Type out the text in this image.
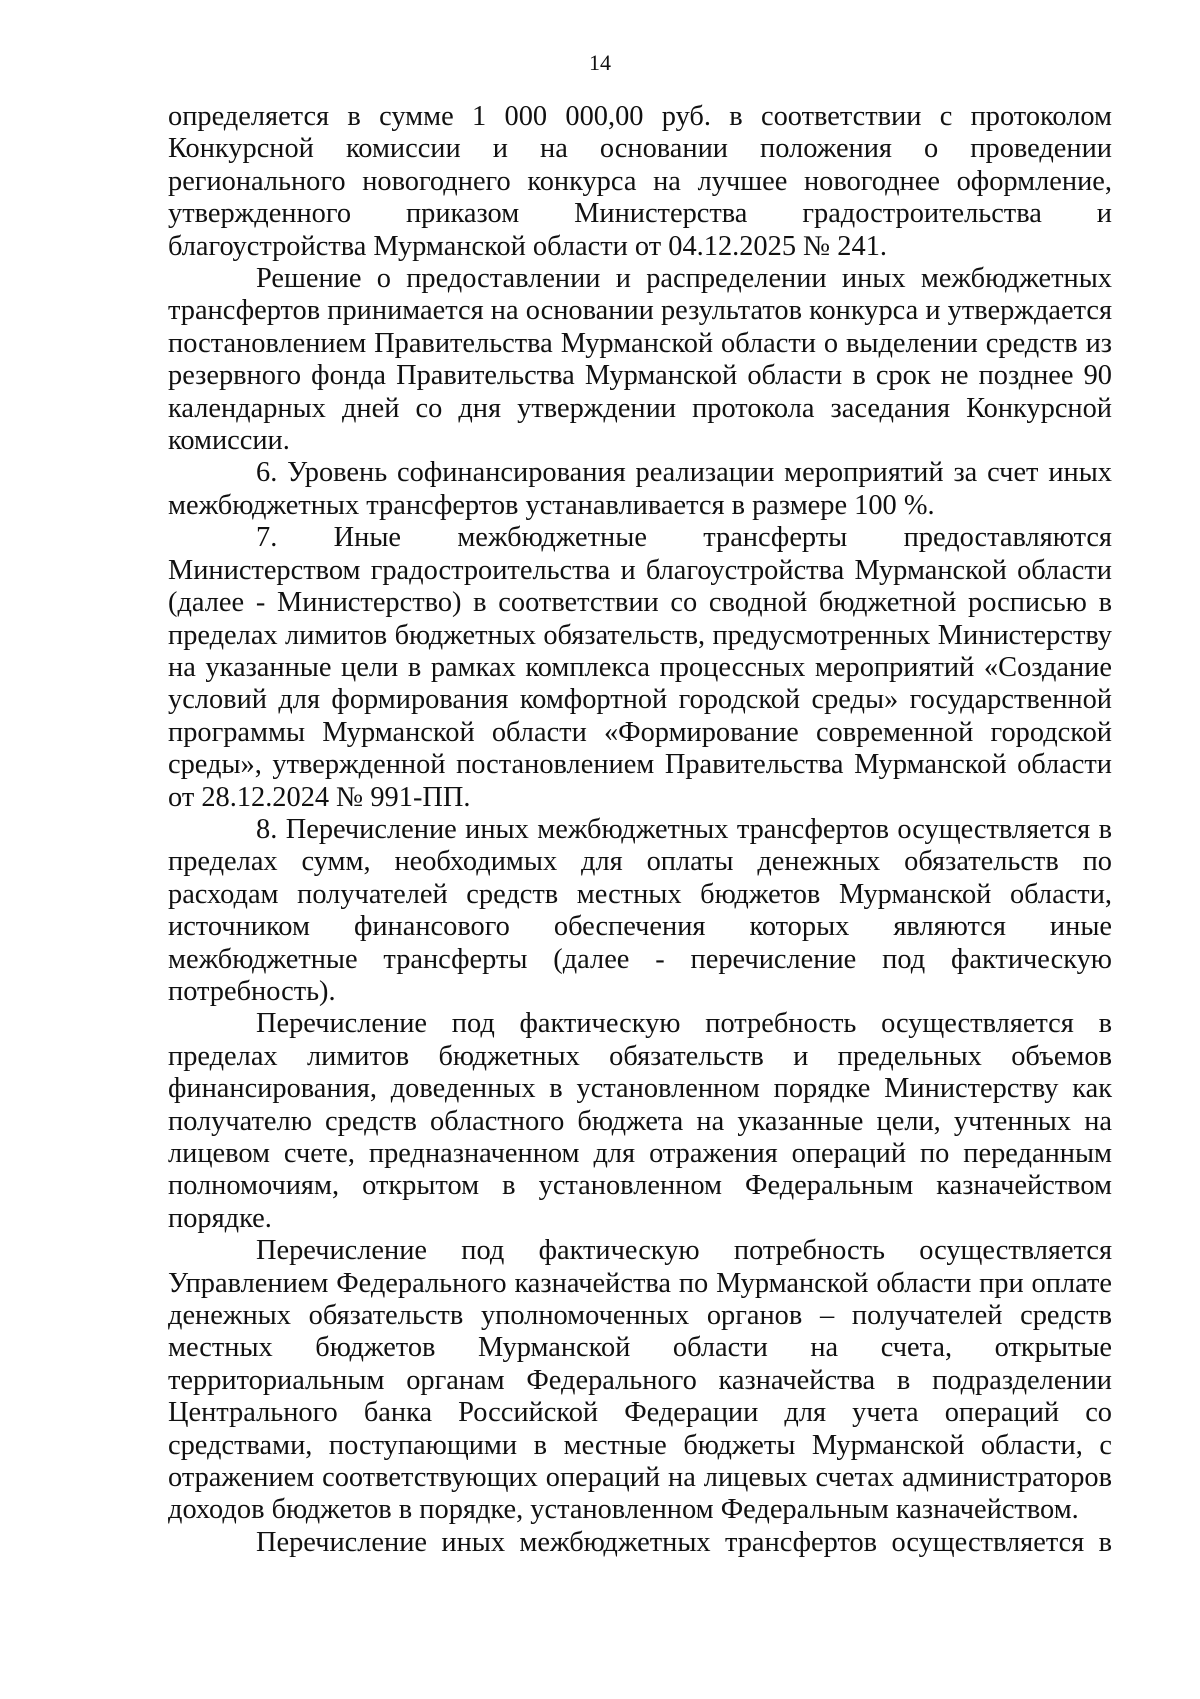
14

определяется в сумме 1 000 000,00 руб. в соответствии с протоколом Конкурсной комиссии и на основании положения о проведении регионального новогоднего конкурса на лучшее новогоднее оформление, утвержденного приказом Министерства градостроительства и благоустройства Мурманской области от 04.12.2025 № 241.

Решение о предоставлении и распределении иных межбюджетных трансфертов принимается на основании результатов конкурса и утверждается постановлением Правительства Мурманской области о выделении средств из резервного фонда Правительства Мурманской области в срок не позднее 90 календарных дней со дня утверждении протокола заседания Конкурсной комиссии.

6. Уровень софинансирования реализации мероприятий за счет иных межбюджетных трансфертов устанавливается в размере 100 %.

7. Иные межбюджетные трансферты предоставляются Министерством градостроительства и благоустройства Мурманской области (далее - Министерство) в соответствии со сводной бюджетной росписью в пределах лимитов бюджетных обязательств, предусмотренных Министерству на указанные цели в рамках комплекса процессных мероприятий «Создание условий для формирования комфортной городской среды» государственной программы Мурманской области «Формирование современной городской среды», утвержденной постановлением Правительства Мурманской области от 28.12.2024 № 991-ПП.

8. Перечисление иных межбюджетных трансфертов осуществляется в пределах сумм, необходимых для оплаты денежных обязательств по расходам получателей средств местных бюджетов Мурманской области, источником финансового обеспечения которых являются иные межбюджетные трансферты (далее - перечисление под фактическую потребность).

Перечисление под фактическую потребность осуществляется в пределах лимитов бюджетных обязательств и предельных объемов финансирования, доведенных в установленном порядке Министерству как получателю средств областного бюджета на указанные цели, учтенных на лицевом счете, предназначенном для отражения операций по переданным полномочиям, открытом в установленном Федеральным казначейством порядке.

Перечисление под фактическую потребность осуществляется Управлением Федерального казначейства по Мурманской области при оплате денежных обязательств уполномоченных органов – получателей средств местных бюджетов Мурманской области на счета, открытые территориальным органам Федерального казначейства в подразделении Центрального банка Российской Федерации для учета операций со средствами, поступающими в местные бюджеты Мурманской области, с отражением соответствующих операций на лицевых счетах администраторов доходов бюджетов в порядке, установленном Федеральным казначейством.

Перечисление иных межбюджетных трансфертов осуществляется в
